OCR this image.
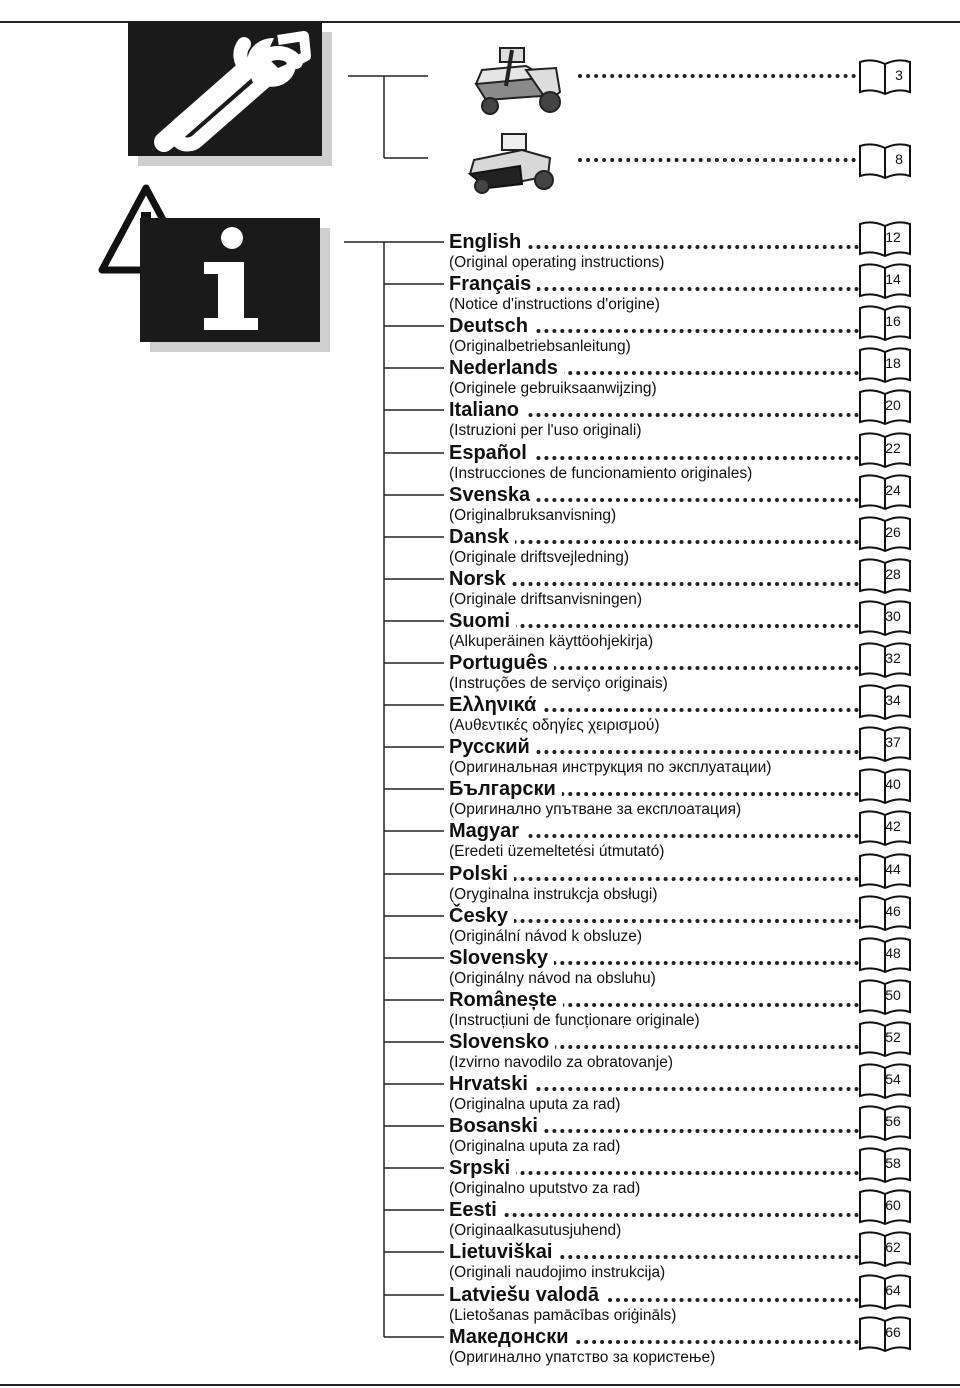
3
8
English
(Original operating instructions)
12
Français
(Notice d'instructions d'origine)
14
Deutsch
(Originalbetriebsanleitung)
16
Nederlands
(Originele gebruiksaanwijzing)
18
Italiano
(Istruzioni per l'uso originali)
20
Español
(Instrucciones de funcionamiento originales)
22
Svenska
(Originalbruksanvisning)
24
Dansk
(Originale driftsvejledning)
26
Norsk
(Originale driftsanvisningen)
28
Suomi
(Alkuperäinen käyttöohjekirja)
30
Português
(Instruções de serviço originais)
32
Ελληνικά
(Αυθεντικές οδηγίες χειρισμού)
34
Русский
(Оригинальная инструкция по эксплуатации)
37
Български
(Оригинално упътване за експлоатация)
40
Magyar
(Eredeti üzemeltetési útmutató)
42
Polski
(Oryginalna instrukcja obsługi)
44
Česky
(Originální návod k obsluze)
46
Slovensky
(Originálny návod na obsluhu)
48
Românește
(Instrucțiuni de funcționare originale)
50
Slovensko
(Izvirno navodilo za obratovanje)
52
Hrvatski
(Originalna uputa za rad)
54
Bosanski
(Originalna uputa za rad)
56
Srpski
(Originalno uputstvo za rad)
58
Eesti
(Originaalkasutusjuhend)
60
Lietuviškai
(Originali naudojimo instrukcija)
62
Latviešu valodā
(Lietošanas pamācības oriģināls)
64
Македонски
(Оригинално упатство за користење)
66
